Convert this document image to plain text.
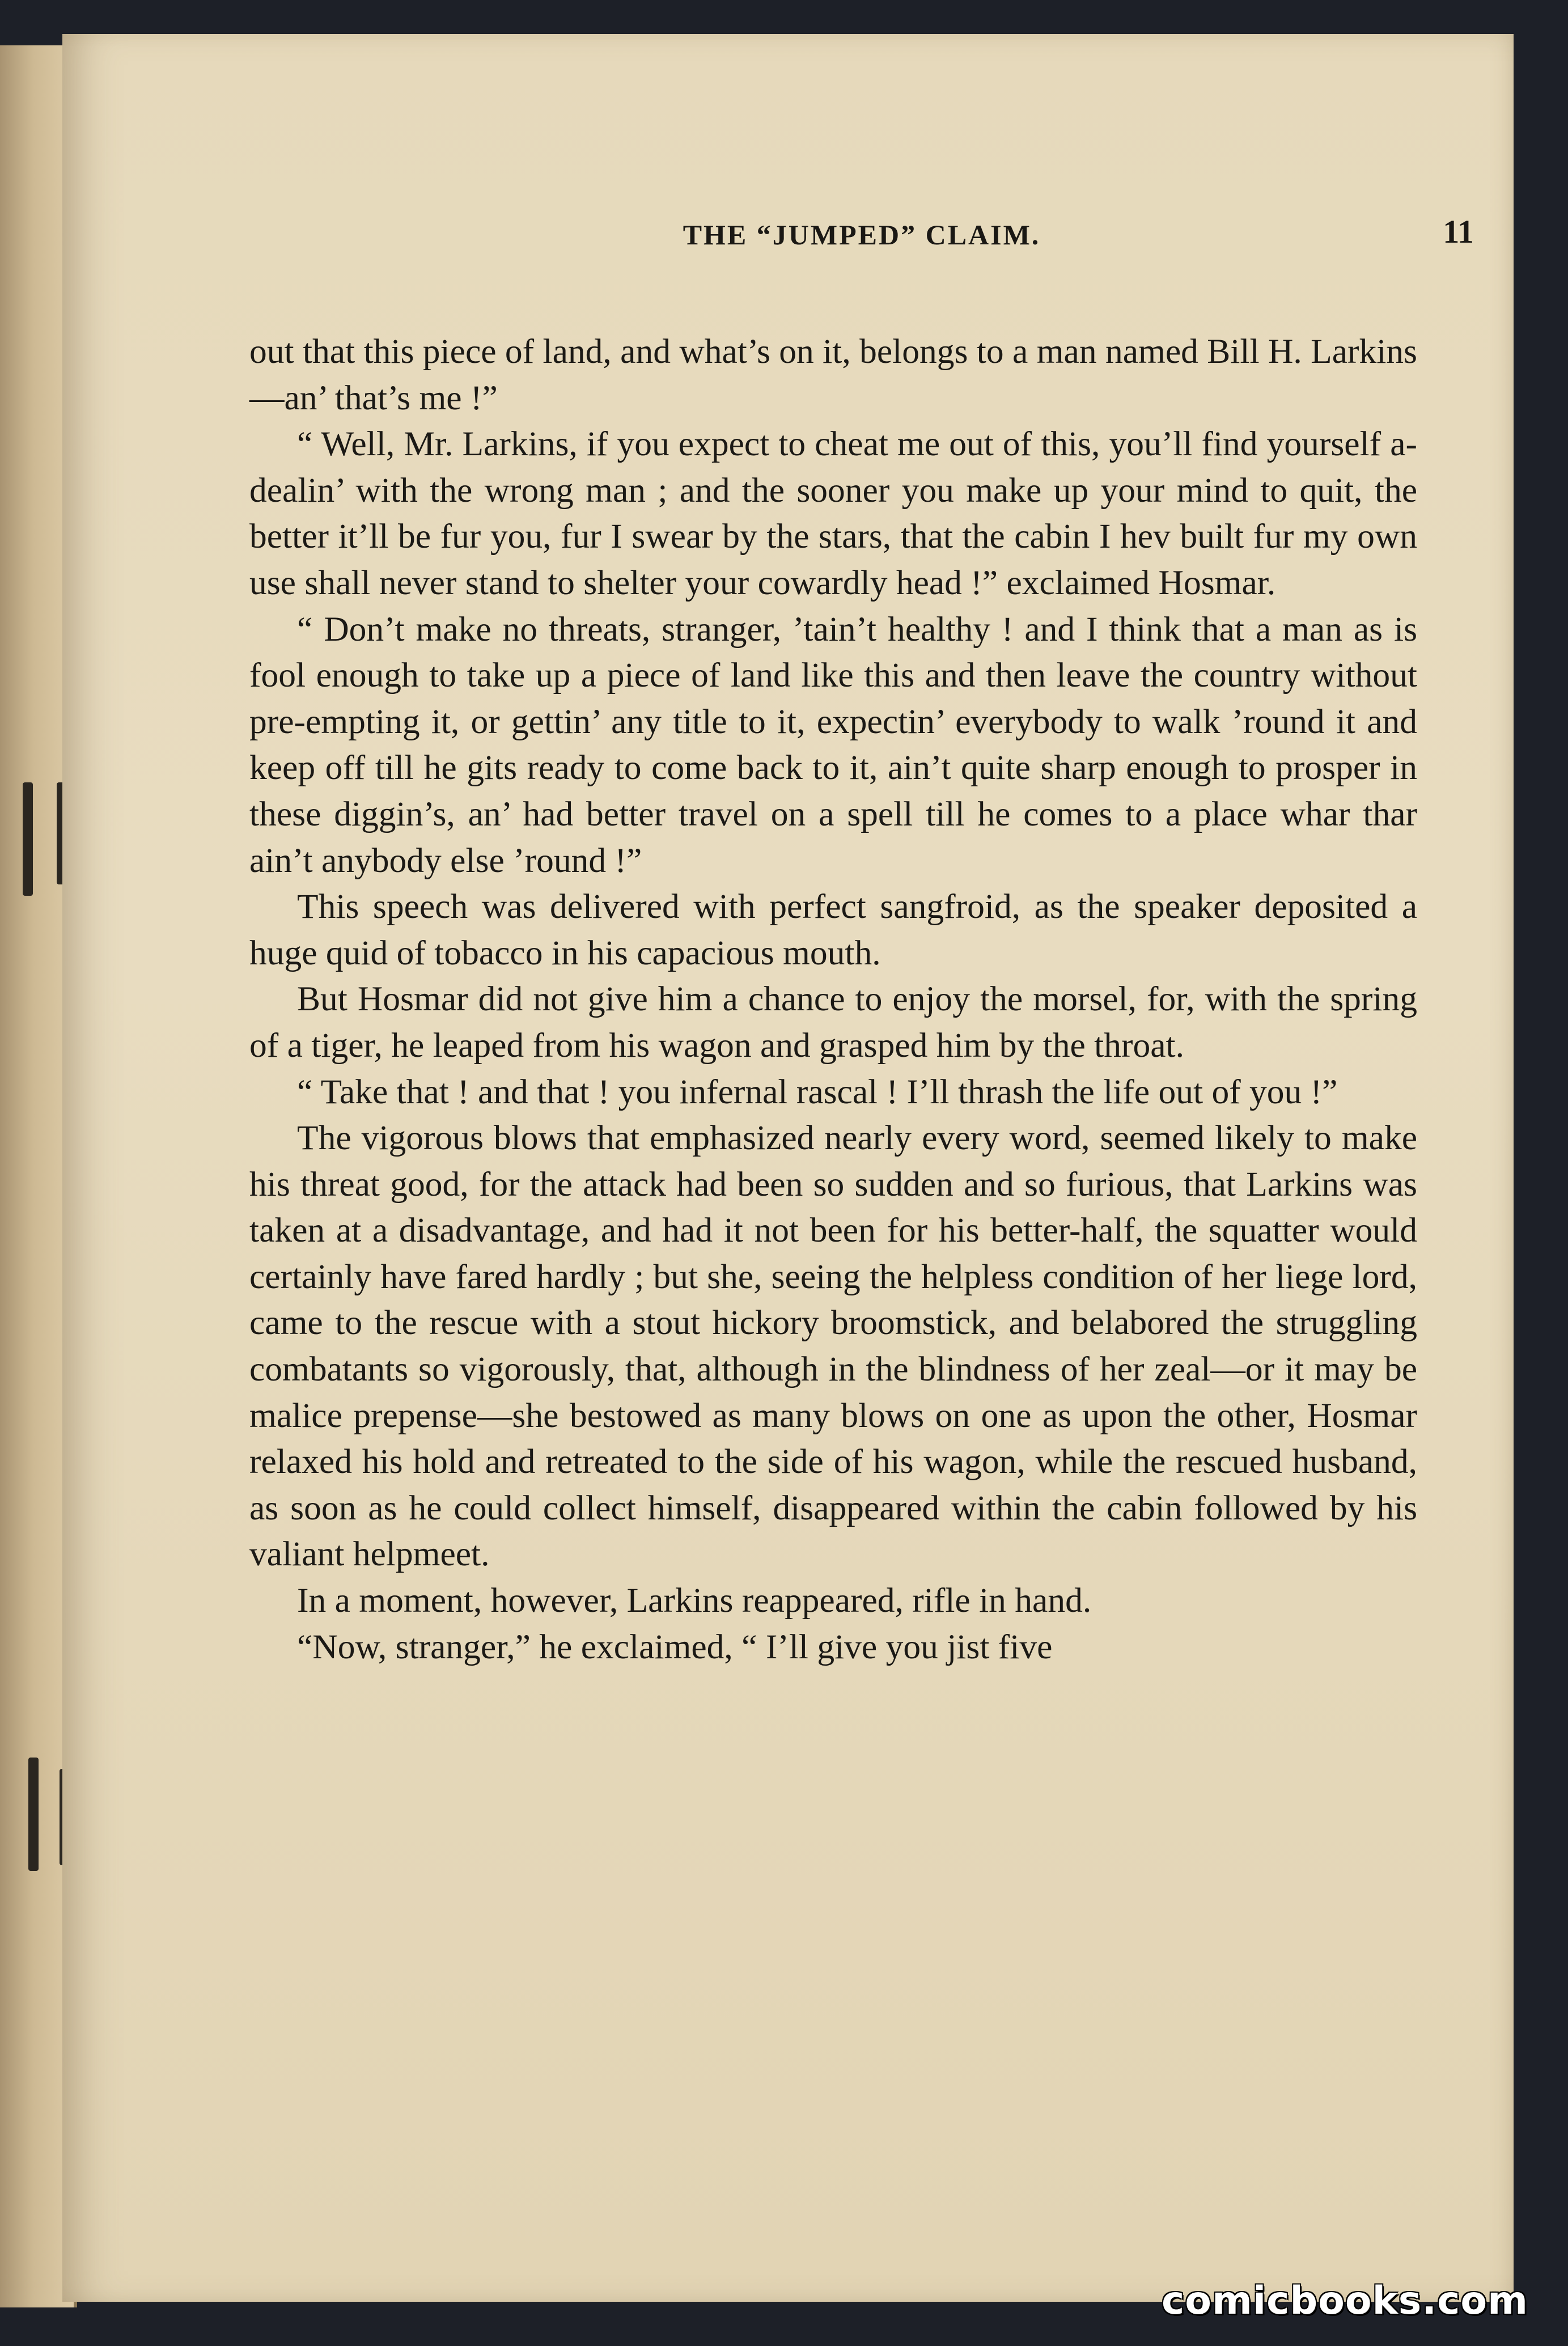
THE “JUMPED” CLAIM.	11

out that this piece of land, and what’s on it, belongs to a man named Bill H. Larkins—an’ that’s me !”

“ Well, Mr. Larkins, if you expect to cheat me out of this, you’ll find yourself a-dealin’ with the wrong man ; and the sooner you make up your mind to quit, the better it’ll be fur you, fur I swear by the stars, that the cabin I hev built fur my own use shall never stand to shelter your cowardly head !” exclaimed Hosmar.

“ Don’t make no threats, stranger, ’tain’t healthy ! and I think that a man as is fool enough to take up a piece of land like this and then leave the country without pre-empting it, or gettin’ any title to it, expectin’ everybody to walk ’round it and keep off till he gits ready to come back to it, ain’t quite sharp enough to prosper in these diggin’s, an’ had better travel on a spell till he comes to a place whar thar ain’t anybody else ’round !”

This speech was delivered with perfect sangfroid, as the speaker deposited a huge quid of tobacco in his capacious mouth.

But Hosmar did not give him a chance to enjoy the morsel, for, with the spring of a tiger, he leaped from his wagon and grasped him by the throat.

“ Take that ! and that ! you infernal rascal ! I’ll thrash the life out of you !”

The vigorous blows that emphasized nearly every word, seemed likely to make his threat good, for the attack had been so sudden and so furious, that Larkins was taken at a disadvantage, and had it not been for his better-half, the squatter would certainly have fared hardly ; but she, seeing the helpless condition of her liege lord, came to the rescue with a stout hickory broomstick, and belabored the struggling combatants so vigorously, that, although in the blindness of her zeal—or it may be malice prepense—she bestowed as many blows on one as upon the other, Hosmar relaxed his hold and retreated to the side of his wagon, while the rescued husband, as soon as he could collect himself, disappeared within the cabin followed by his valiant helpmeet.

In a moment, however, Larkins reappeared, rifle in hand.

“Now, stranger,” he exclaimed, “ I’ll give you jist five

comicbooks.com
